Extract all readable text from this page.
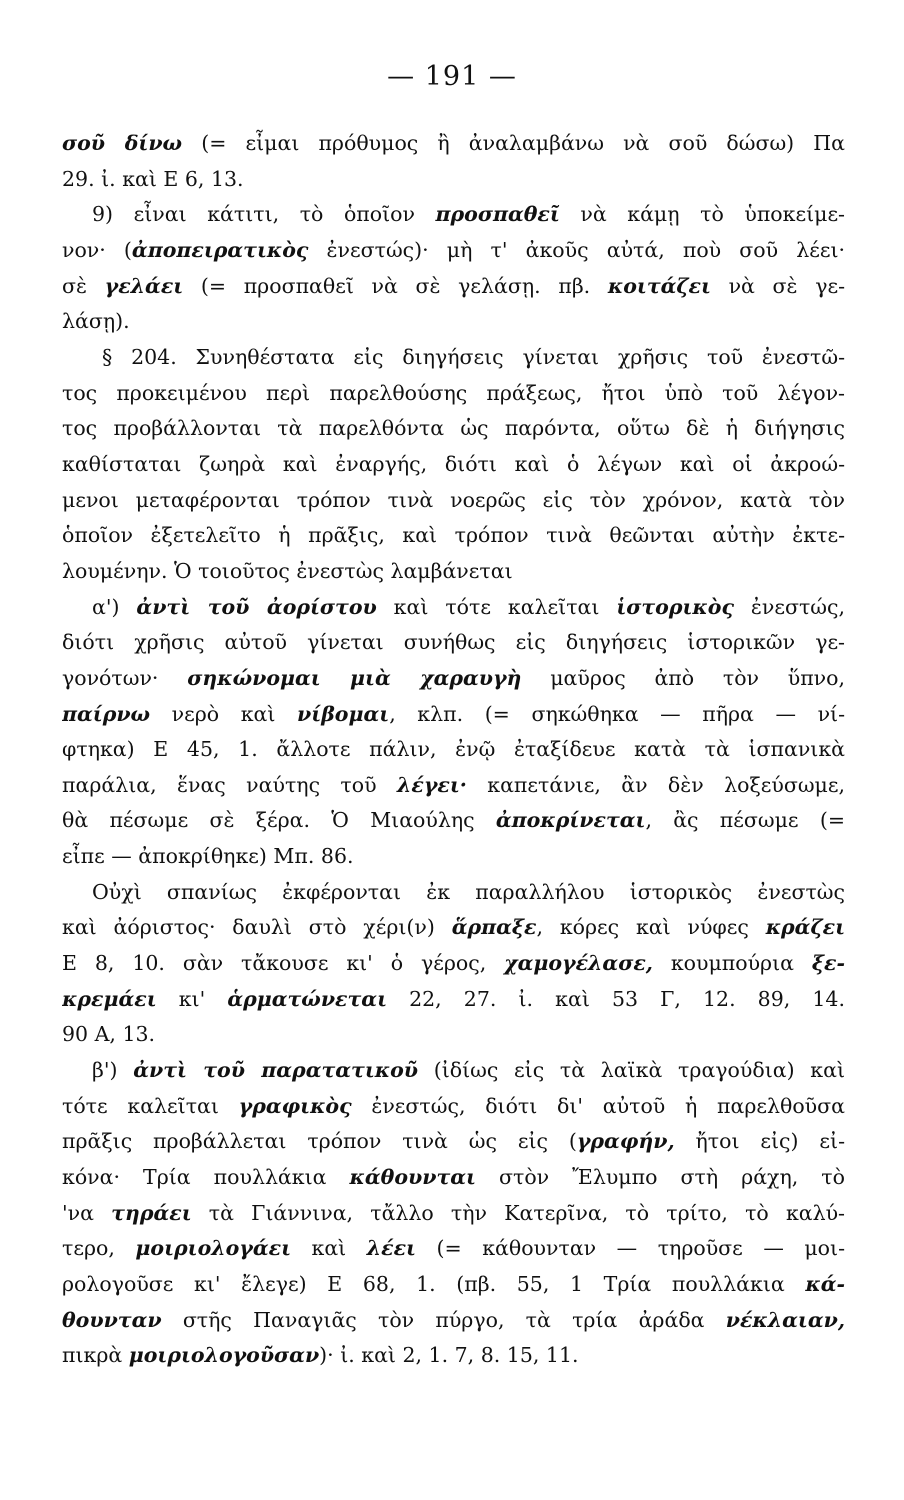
— 191 —
σοῦ δίνω (= εἶμαι πρόθυμος ἢ ἀναλαμβάνω νὰ σοῦ δώσω) Πα
29. ἰ. καὶ Ε 6, 13.
9) εἶναι κάτιτι, τὸ ὁποῖον προσπαθεῖ νὰ κάμῃ τὸ ὑποκείμε-
νον· (ἀποπειρατικὸς ἐνεστώς)· μὴ τ' ἀκοῦς αὐτά, ποὺ σοῦ λέει·
σὲ γελάει (= προσπαθεῖ νὰ σὲ γελάσῃ. πβ. κοιτάζει νὰ σὲ γε-
λάσῃ).
§ 204. Συνηθέστατα εἰς διηγήσεις γίνεται χρῆσις τοῦ ἐνεστῶ-
τος προκειμένου περὶ παρελθούσης πράξεως, ἤτοι ὑπὸ τοῦ λέγον-
τος προβάλλονται τὰ παρελθόντα ὡς παρόντα, οὕτω δὲ ἡ διήγησις
καθίσταται ζωηρὰ καὶ ἐναργής, διότι καὶ ὁ λέγων καὶ οἱ ἀκροώ-
μενοι μεταφέρονται τρόπον τινὰ νοερῶς εἰς τὸν χρόνον, κατὰ τὸν
ὁποῖον ἐξετελεῖτο ἡ πρᾶξις, καὶ τρόπον τινὰ θεῶνται αὐτὴν ἐκτε-
λουμένην. Ὁ τοιοῦτος ἐνεστὼς λαμβάνεται
α') ἀντὶ τοῦ ἀορίστου καὶ τότε καλεῖται ἱστορικὸς ἐνεστώς,
διότι χρῆσις αὐτοῦ γίνεται συνήθως εἰς διηγήσεις ἱστορικῶν γε-
γονότων· σηκώνομαι μιὰ χαραυγὴ μαῦρος ἀπὸ τὸν ὕπνο,
παίρνω νερὸ καὶ νίβομαι, κλπ. (= σηκώθηκα — πῆρα — νί-
φτηκα) Ε 45, 1. ἄλλοτε πάλιν, ἐνῷ ἐταξίδευε κατὰ τὰ ἱσπανικὰ
παράλια, ἕνας ναύτης τοῦ λέγει· καπετάνιε, ἂν δὲν λοξεύσωμε,
θὰ πέσωμε σὲ ξέρα. Ὁ Μιαούλης ἀποκρίνεται, ἂς πέσωμε (=
εἶπε — ἀποκρίθηκε) Μπ. 86.
Οὐχὶ σπανίως ἐκφέρονται ἐκ παραλλήλου ἱστορικὸς ἐνεστὼς
καὶ ἀόριστος· δαυλὶ στὸ χέρι(ν) ἅρπαξε, κόρες καὶ νύφες κράζει
Ε 8, 10. σὰν τἄκουσε κι' ὁ γέρος, χαμογέλασε, κουμπούρια ξε-
κρεμάει κι' ἁρματώνεται 22, 27. ἰ. καὶ 53 Γ, 12. 89, 14.
90 Α, 13.
β') ἀντὶ τοῦ παρατατικοῦ (ἰδίως εἰς τὰ λαϊκὰ τραγούδια) καὶ
τότε καλεῖται γραφικὸς ἐνεστώς, διότι δι' αὐτοῦ ἡ παρελθοῦσα
πρᾶξις προβάλλεται τρόπον τινὰ ὡς εἰς (γραφήν, ἤτοι εἰς) εἰ-
κόνα· Τρία πουλλάκια κάθουνται στὸν Ἔλυμπο στὴ ράχη, τὸ
'να τηράει τὰ Γιάννινα, τἄλλο τὴν Κατερῖνα, τὸ τρίτο, τὸ καλύ-
τερο, μοιριολογάει καὶ λέει (= κάθουνταν — τηροῦσε — μοι-
ρολογοῦσε κι' ἔλεγε) Ε 68, 1. (πβ. 55, 1 Τρία πουλλάκια κά-
θουνταν στῆς Παναγιᾶς τὸν πύργο, τὰ τρία ἀράδα νέκλαιαν,
πικρὰ μοιριολογοῦσαν)· ἰ. καὶ 2, 1. 7, 8. 15, 11.
